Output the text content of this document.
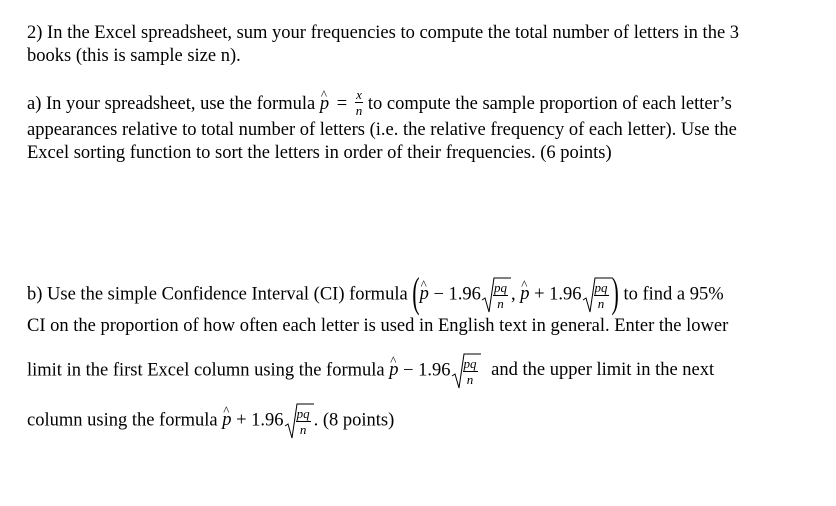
2) In the Excel spreadsheet, sum your frequencies to compute the total number of letters in the 3
books (this is sample size n).
a) In your spreadsheet, use the formula p ^ = $\frac{x}{n}$ to compute the sample proportion of each letter’s
appearances relative to total number of letters (i.e. the relative frequency of each letter). Use the
Excel sorting function to sort the letters in order of their frequencies. (6 points)
b) Use the simple Confidence Interval (CI) formula (p ^ − 1.96 pq
n , p ^ + 1.96 pq
n ) to find a 95%
CI on the proportion of how often each letter is used in English text in general. Enter the lower
limit in the first Excel column using the formula p ^ − 1.96 pq
n and the upper limit in the next
column using the formula p ^ + 1.96 pq
n . (8 points)
